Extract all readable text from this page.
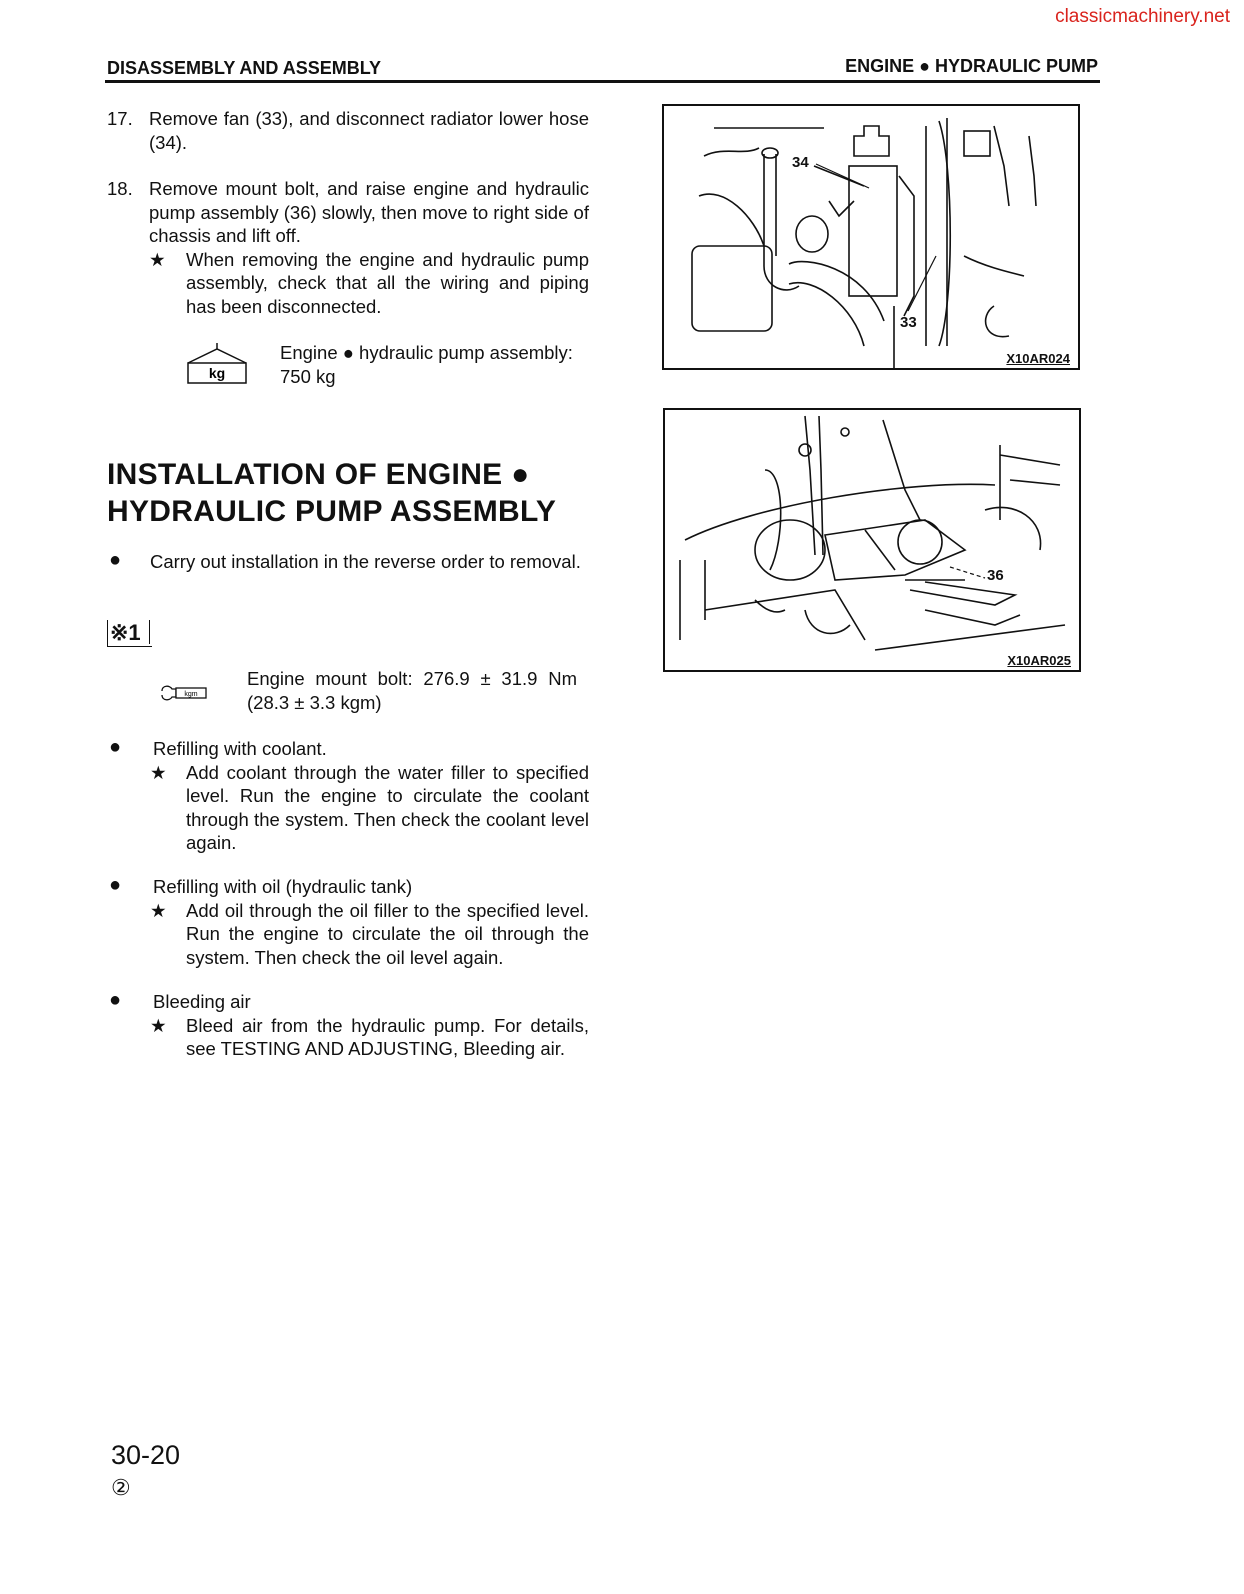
classicmachinery.net
DISASSEMBLY AND ASSEMBLY	ENGINE ● HYDRAULIC PUMP
17. Remove fan (33), and disconnect radiator lower hose (34).
18. Remove mount bolt, and raise engine and hydraulic pump assembly (36) slowly, then move to right side of chassis and lift off.
★ When removing the engine and hydraulic pump assembly, check that all the wiring and piping has been disconnected.
kg
Engine ● hydraulic pump assembly:
750 kg
INSTALLATION OF ENGINE ●
HYDRAULIC PUMP ASSEMBLY
● Carry out installation in the reverse order to removal.
※1
kgm
Engine mount bolt: 276.9 ± 31.9 Nm
(28.3 ± 3.3 kgm)
● Refilling with coolant.
★ Add coolant through the water filler to specified level. Run the engine to circulate the coolant through the system. Then check the coolant level again.
● Refilling with oil (hydraulic tank)
★ Add oil through the oil filler to the specified level. Run the engine to circulate the oil through the system. Then check the oil level again.
● Bleeding air
★ Bleed air from the hydraulic pump. For details, see TESTING AND ADJUSTING, Bleeding air.
34
33
X10AR024
36
X10AR025
30-20
②
